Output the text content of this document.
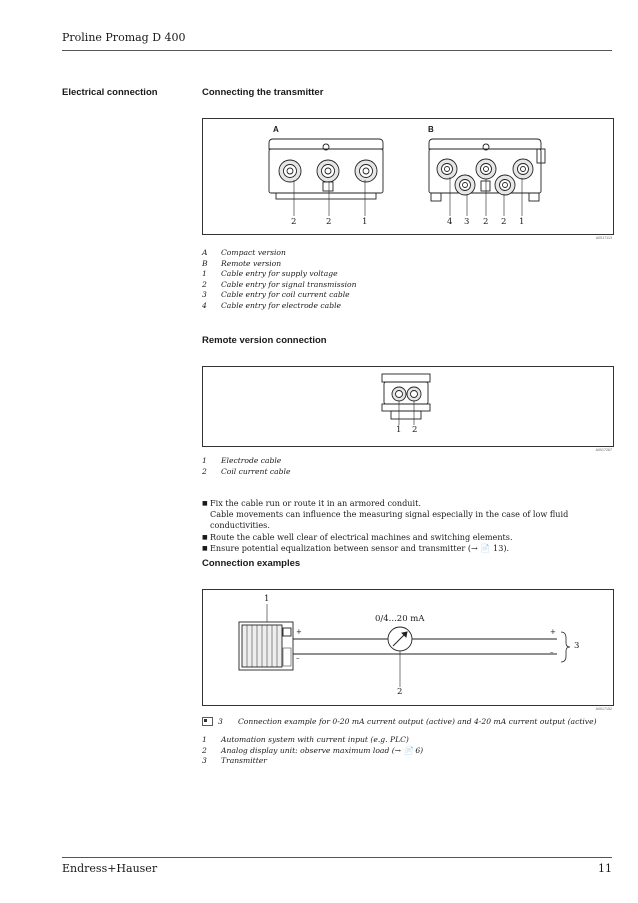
Proline Promag D 400
Electrical connection	Connecting the transmitter
A	B
2	2	1	4 3 2 2 1
A0017113
A	Compact version
B	Remote version
1	Cable entry for supply voltage
2	Cable entry for signal transmission
3	Cable entry for coil current cable
4	Cable entry for electrode cable
Remote version connection
1 2
A0017267
1	Electrode cable
2	Coil current cable
■ Fix the cable run or route it in an armored conduit.
Cable movements can influence the measuring signal especially in the case of low fluid conductivities.
■ Route the cable well clear of electrical machines and switching elements.
■ Ensure potential equalization between sensor and transmitter (→ 📄 13).
Connection examples
1
0/4...20 mA
+
–
+
–
3
2
A0017152
3	Connection example for 0-20 mA current output (active) and 4-20 mA current output (active)
1	Automation system with current input (e.g. PLC)
2	Analog display unit: observe maximum load (→ 📄 6)
3	Transmitter
Endress+Hauser	11
